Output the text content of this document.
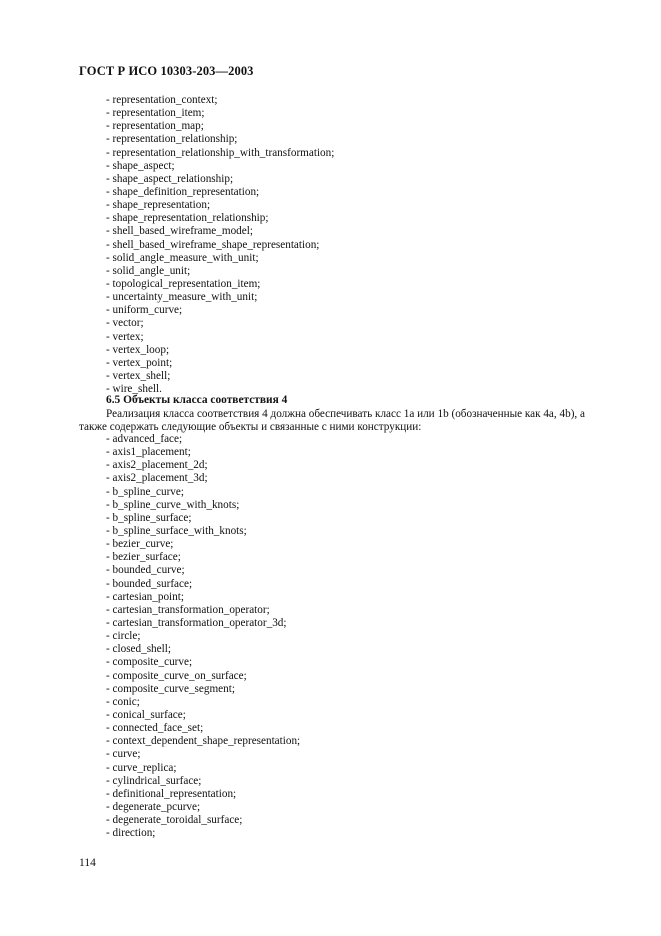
ГОСТ Р ИСО 10303-203—2003
- representation_context;
- representation_item;
- representation_map;
- representation_relationship;
- representation_relationship_with_transformation;
- shape_aspect;
- shape_aspect_relationship;
- shape_definition_representation;
- shape_representation;
- shape_representation_relationship;
- shell_based_wireframe_model;
- shell_based_wireframe_shape_representation;
- solid_angle_measure_with_unit;
- solid_angle_unit;
- topological_representation_item;
- uncertainty_measure_with_unit;
- uniform_curve;
- vector;
- vertex;
- vertex_loop;
- vertex_point;
- vertex_shell;
- wire_shell.
6.5 Объекты класса соответствия 4

Реализация класса соответствия 4 должна обеспечивать класс 1а или 1b (обозначенные как 4а, 4b), а также содержать следующие объекты и связанные с ними конструкции:

- advanced_face;
- axis1_placement;
- axis2_placement_2d;
- axis2_placement_3d;
- b_spline_curve;
- b_spline_curve_with_knots;
- b_spline_surface;
- b_spline_surface_with_knots;
- bezier_curve;
- bezier_surface;
- bounded_curve;
- bounded_surface;
- cartesian_point;
- cartesian_transformation_operator;
- cartesian_transformation_operator_3d;
- circle;
- closed_shell;
- composite_curve;
- composite_curve_on_surface;
- composite_curve_segment;
- conic;
- conical_surface;
- connected_face_set;
- context_dependent_shape_representation;
- curve;
- curve_replica;
- cylindrical_surface;
- definitional_representation;
- degenerate_pcurve;
- degenerate_toroidal_surface;
- direction;
114
